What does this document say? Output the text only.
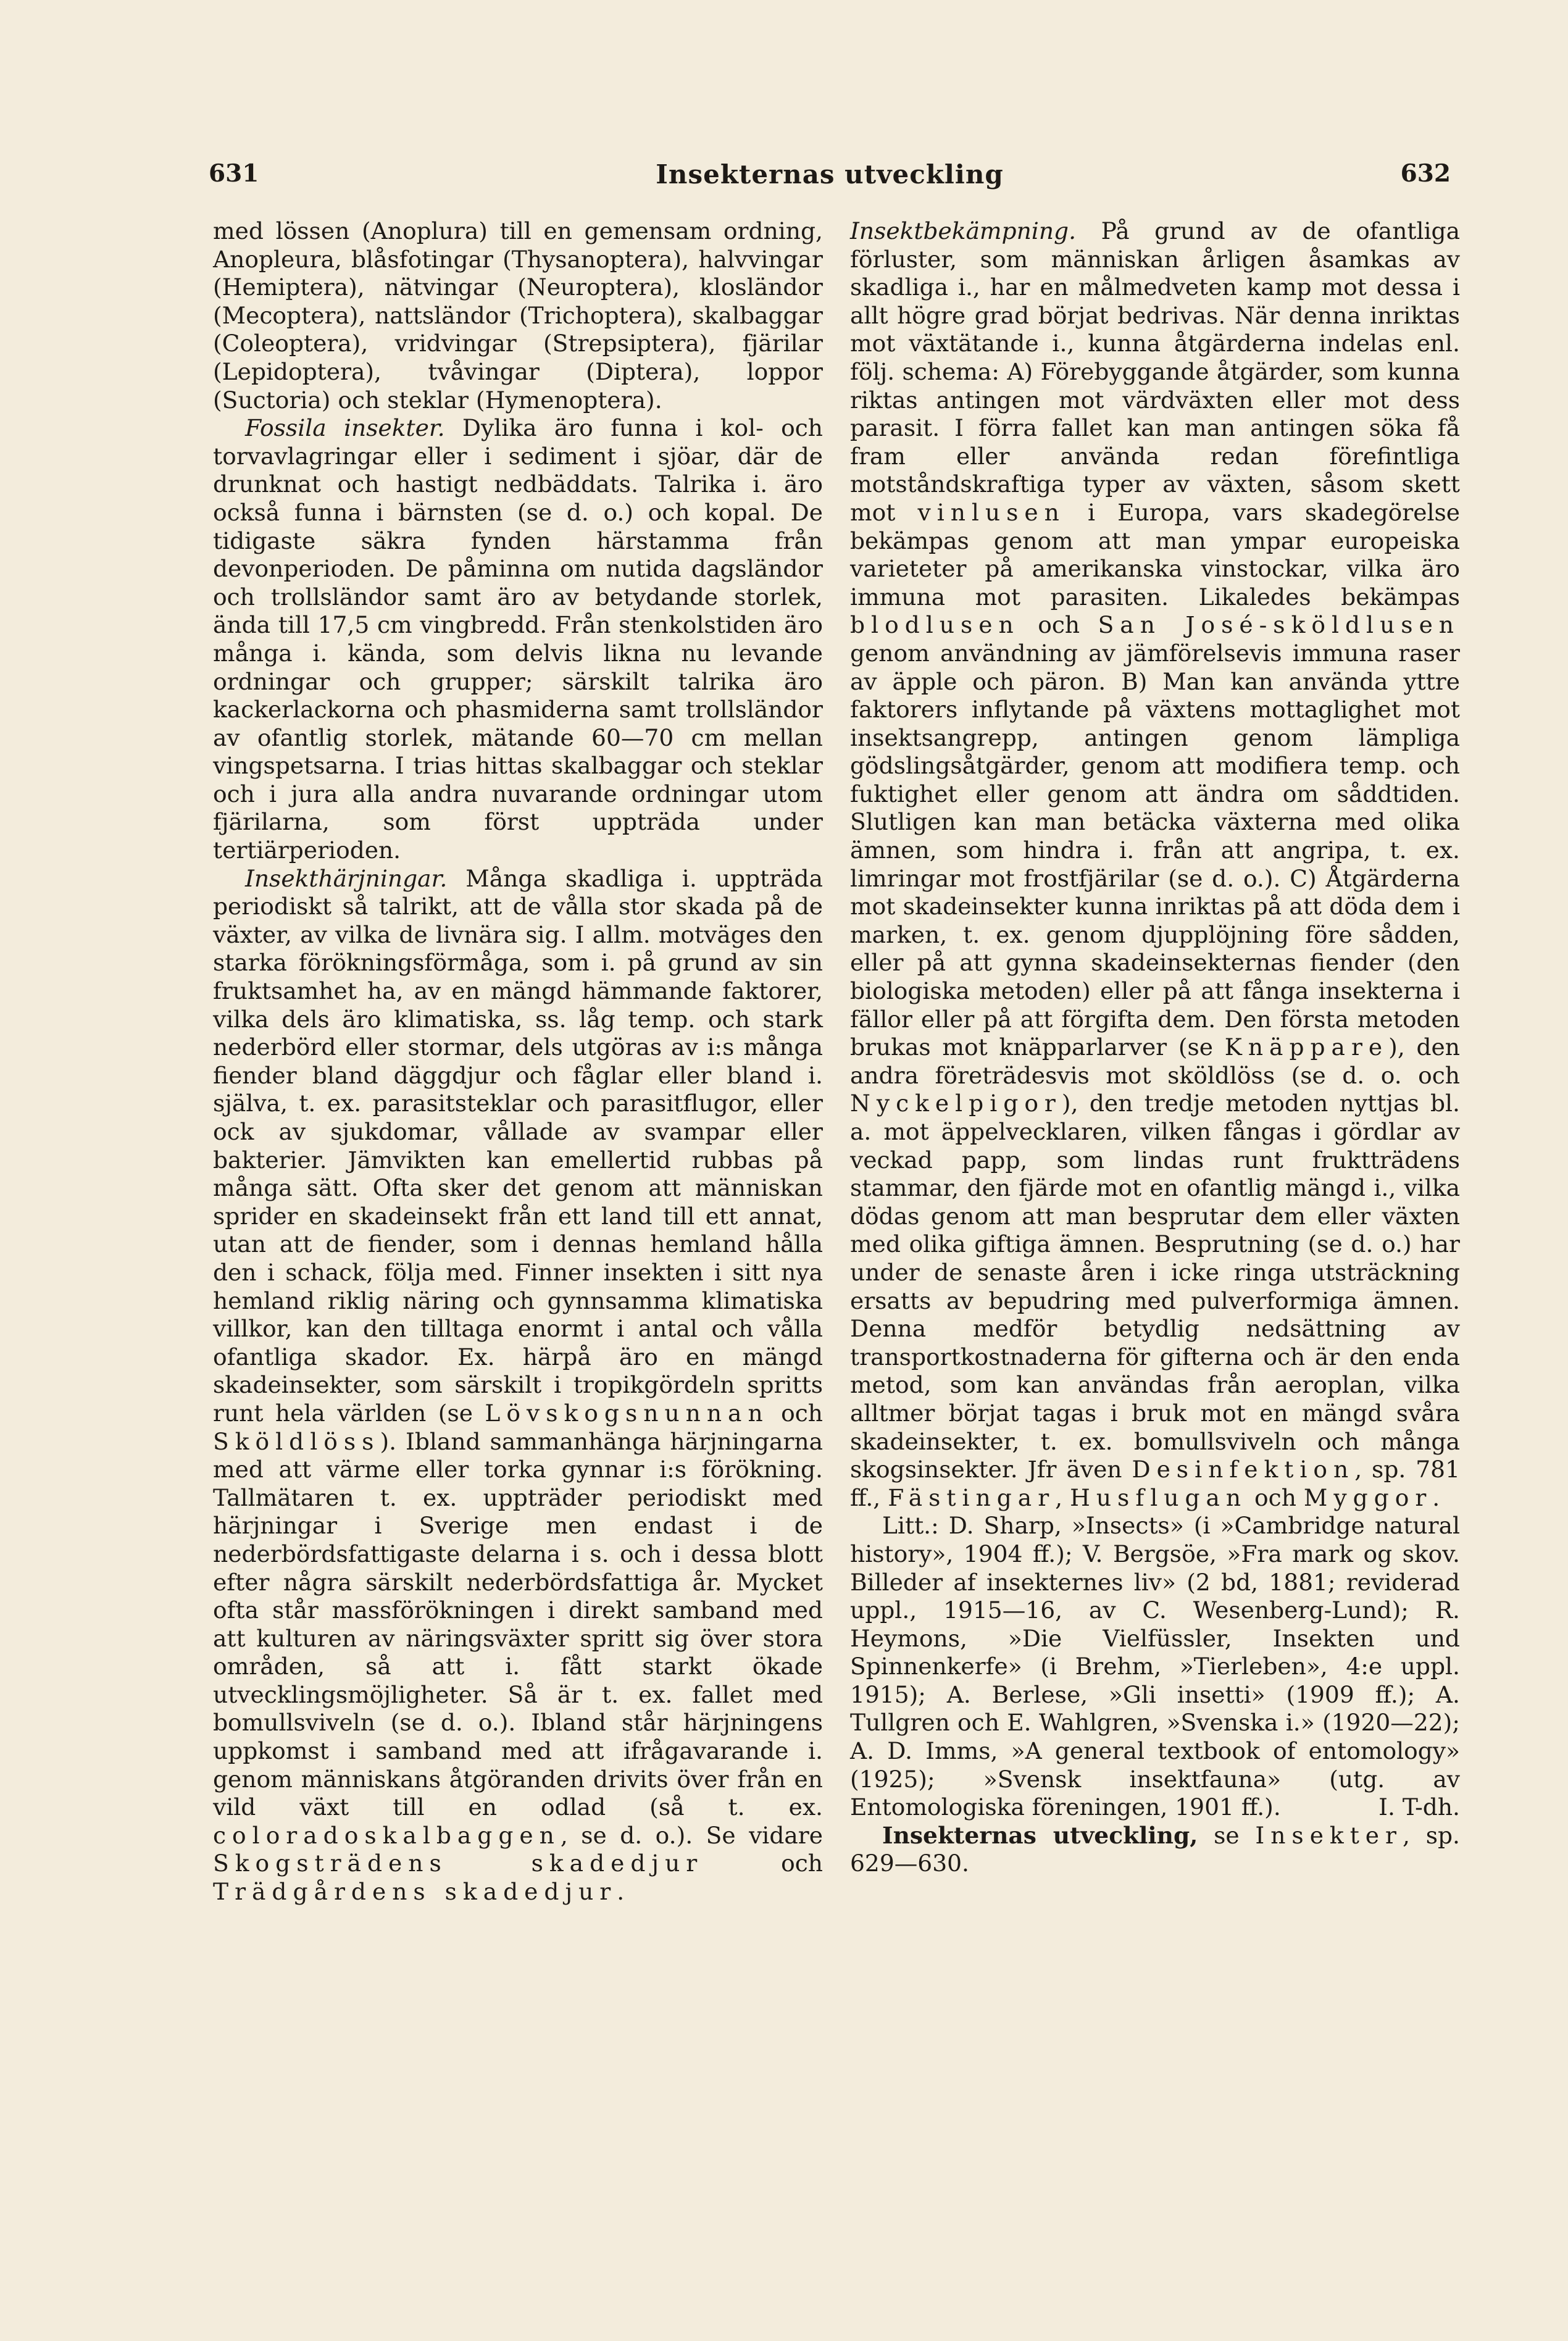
631	Insekternas utveckling	632

med lössen (Anoplura) till en gemensam ordning, Anopleura, blåsfotingar (Thysanoptera), halvvingar (Hemiptera), nätvingar (Neuroptera), klosländor (Mecoptera), nattsländor (Trichoptera), skalbaggar (Coleoptera), vridvingar (Strepsiptera), fjärilar (Lepidoptera), tvåvingar (Diptera), loppor (Suctoria) och steklar (Hymenoptera).

Fossila insekter. Dylika äro funna i kol- och torvavlagringar eller i sediment i sjöar, där de drunknat och hastigt nedbäddats. Talrika i. äro också funna i bärnsten (se d. o.) och kopal. De tidigaste säkra fynden härstamma från devonperioden. De påminna om nutida dagsländor och trollsländor samt äro av betydande storlek, ända till 17,5 cm vingbredd. Från stenkolstiden äro många i. kända, som delvis likna nu levande ordningar och grupper; särskilt talrika äro kackerlackorna och phasmiderna samt trollsländor av ofantlig storlek, mätande 60—70 cm mellan vingspetsarna. I trias hittas skalbaggar och steklar och i jura alla andra nuvarande ordningar utom fjärilarna, som först uppträda under tertiärperioden.

Insekthärjningar. Många skadliga i. uppträda periodiskt så talrikt, att de vålla stor skada på de växter, av vilka de livnära sig. I allm. motväges den starka förökningsförmåga, som i. på grund av sin fruktsamhet ha, av en mängd hämmande faktorer, vilka dels äro klimatiska, ss. låg temp. och stark nederbörd eller stormar, dels utgöras av i:s många fiender bland däggdjur och fåglar eller bland i. själva, t. ex. parasitsteklar och parasitflugor, eller ock av sjukdomar, vållade av svampar eller bakterier. Jämvikten kan emellertid rubbas på många sätt. Ofta sker det genom att människan sprider en skadeinsekt från ett land till ett annat, utan att de fiender, som i dennas hemland hålla den i schack, följa med. Finner insekten i sitt nya hemland riklig näring och gynnsamma klimatiska villkor, kan den tilltaga enormt i antal och vålla ofantliga skador. Ex. härpå äro en mängd skadeinsekter, som särskilt i tropikgördeln spritts runt hela världen (se Lövskogsnunnan och Sköldlöss). Ibland sammanhänga härjningarna med att värme eller torka gynnar i:s förökning. Tallmätaren t. ex. uppträder periodiskt med härjningar i Sverige men endast i de nederbördsfattigaste delarna i s. och i dessa blott efter några särskilt nederbördsfattiga år. Mycket ofta står massförökningen i direkt samband med att kulturen av näringsväxter spritt sig över stora områden, så att i. fått starkt ökade utvecklingsmöjligheter. Så är t. ex. fallet med bomullsviveln (se d. o.). Ibland står härjningens uppkomst i samband med att ifrågavarande i. genom människans åtgöranden drivits över från en vild växt till en odlad (så t. ex. coloradoskalbaggen, se d. o.). Se vidare Skogsträdens skadedjur och Trädgårdens skadedjur.

Insektbekämpning. På grund av de ofantliga förluster, som människan årligen åsamkas av skadliga i., har en målmedveten kamp mot dessa i allt högre grad börjat bedrivas. När denna inriktas mot växtätande i., kunna åtgärderna indelas enl. följ. schema: A) Förebyggande åtgärder, som kunna riktas antingen mot värdväxten eller mot dess parasit. I förra fallet kan man antingen söka få fram eller använda redan förefintliga motståndskraftiga typer av växten, såsom skett mot vinlusen i Europa, vars skadegörelse bekämpas genom att man ympar europeiska varieteter på amerikanska vinstockar, vilka äro immuna mot parasiten. Likaledes bekämpas blodlusen och San José-sköldlusen genom användning av jämförelsevis immuna raser av äpple och päron. B) Man kan använda yttre faktorers inflytande på växtens mottaglighet mot insektsangrepp, antingen genom lämpliga gödslingsåtgärder, genom att modifiera temp. och fuktighet eller genom att ändra om såddtiden. Slutligen kan man betäcka växterna med olika ämnen, som hindra i. från att angripa, t. ex. limringar mot frostfjärilar (se d. o.). C) Åtgärderna mot skadeinsekter kunna inriktas på att döda dem i marken, t. ex. genom djupplöjning före sådden, eller på att gynna skadeinsekternas fiender (den biologiska metoden) eller på att fånga insekterna i fällor eller på att förgifta dem. Den första metoden brukas mot knäpparlarver (se Knäppare), den andra företrädesvis mot sköldlöss (se d. o. och Nyckelpigor), den tredje metoden nyttjas bl. a. mot äppelvecklaren, vilken fångas i gördlar av veckad papp, som lindas runt fruktträdens stammar, den fjärde mot en ofantlig mängd i., vilka dödas genom att man besprutar dem eller växten med olika giftiga ämnen. Besprutning (se d. o.) har under de senaste åren i icke ringa utsträckning ersatts av bepudring med pulverformiga ämnen. Denna medför betydlig nedsättning av transportkostnaderna för gifterna och är den enda metod, som kan användas från aeroplan, vilka alltmer börjat tagas i bruk mot en mängd svåra skadeinsekter, t. ex. bomullsviveln och många skogsinsekter. Jfr även Desinfektion, sp. 781 ff., Fästingar, Husflugan och Myggor.

Litt.: D. Sharp, »Insects» (i »Cambridge natural history», 1904 ff.); V. Bergsöe, »Fra mark og skov. Billeder af insekternes liv» (2 bd, 1881; reviderad uppl., 1915—16, av C. Wesenberg-Lund); R. Heymons, »Die Vielfüssler, Insekten und Spinnenkerfe» (i Brehm, »Tierleben», 4:e uppl. 1915); A. Berlese, »Gli insetti» (1909 ff.); A. Tullgren och E. Wahlgren, »Svenska i.» (1920—22); A. D. Imms, »A general textbook of entomology» (1925); »Svensk insektfauna» (utg. av Entomologiska föreningen, 1901 ff.).	I. T-dh.

Insekternas utveckling, se Insekter, sp. 629—630.
